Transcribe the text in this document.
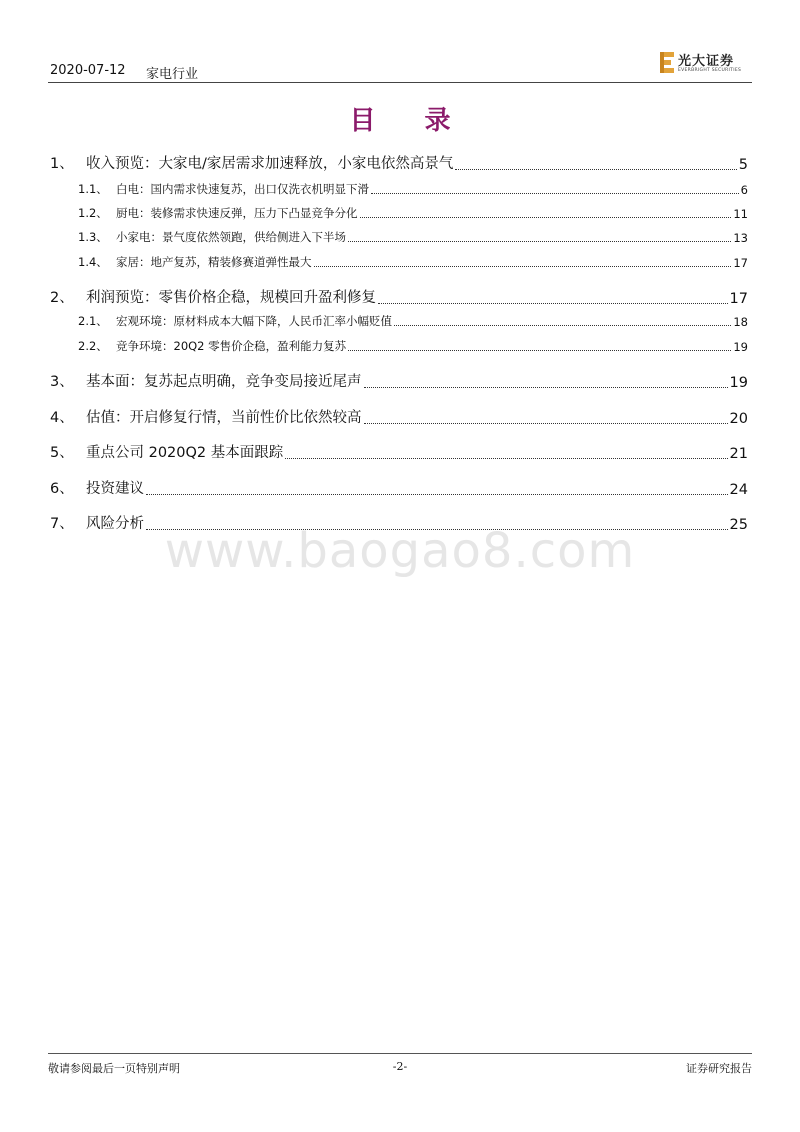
2020-07-12 家电行业
光大证券
EVERBRIGHT SECURITIES
目 录
1、 收入预览：大家电/家居需求加速释放，小家电依然高景气	5
1.1、 白电：国内需求快速复苏，出口仅洗衣机明显下滑	6
1.2、 厨电：装修需求快速反弹，压力下凸显竞争分化	11
1.3、 小家电：景气度依然领跑，供给侧进入下半场	13
1.4、 家居：地产复苏，精装修赛道弹性最大	17
2、 利润预览：零售价格企稳，规模回升盈利修复	17
2.1、 宏观环境：原材料成本大幅下降，人民币汇率小幅贬值	18
2.2、 竞争环境：20Q2 零售价企稳，盈利能力复苏	19
3、 基本面：复苏起点明确，竞争变局接近尾声	19
4、 估值：开启修复行情，当前性价比依然较高	20
5、 重点公司 2020Q2 基本面跟踪	21
6、 投资建议	24
7、 风险分析	25
www.baogao8.com
敬请参阅最后一页特别声明	-2-	证券研究报告
